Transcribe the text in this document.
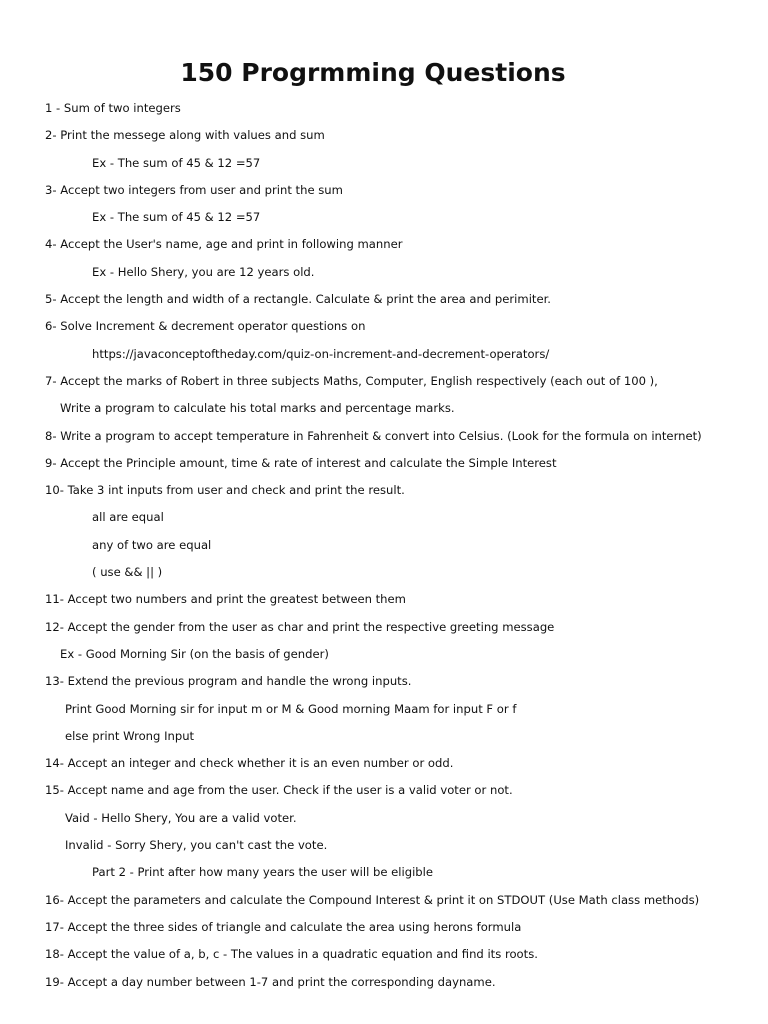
150 Progrmming Questions
1 - Sum of two integers
2- Print the messege along with values and sum
Ex - The sum of 45 & 12 =57
3- Accept two integers from user and print the sum
Ex - The sum of 45 & 12 =57
4- Accept the User's name, age and print in following manner
Ex - Hello Shery, you are 12 years old.
5- Accept the length and width of a rectangle. Calculate & print the area and perimiter.
6- Solve Increment & decrement operator questions on
https://javaconceptoftheday.com/quiz-on-increment-and-decrement-operators/
7- Accept the marks of Robert in three subjects Maths, Computer, English respectively (each out of 100 ),
Write a program to calculate his total marks and percentage marks.
8- Write a program to accept temperature in Fahrenheit & convert into Celsius. (Look for the formula on internet)
9- Accept the Principle amount, time & rate of interest and calculate the Simple Interest
10- Take 3 int inputs from user and check and print the result.
all are equal
any of two are equal
( use && || )
11- Accept two numbers and print the greatest between them
12- Accept the gender from the user as char and print the respective greeting message
Ex - Good Morning Sir (on the basis of gender)
13- Extend the previous program and handle the wrong inputs.
Print Good Morning sir for input m or M & Good morning Maam for input F or f
else print Wrong Input
14- Accept an integer and check whether it is an even number or odd.
15- Accept name and age from the user. Check if the user is a valid voter or not.
Vaid - Hello Shery, You are a valid voter.
Invalid - Sorry Shery, you can't cast the vote.
Part 2 - Print after how many years the user will be eligible
16- Accept the parameters and calculate the Compound Interest & print it on STDOUT (Use Math class methods)
17- Accept the three sides of triangle and calculate the area using herons formula
18- Accept the value of a, b, c - The values in a quadratic equation and find its roots.
19- Accept a day number between 1-7 and print the corresponding dayname.
